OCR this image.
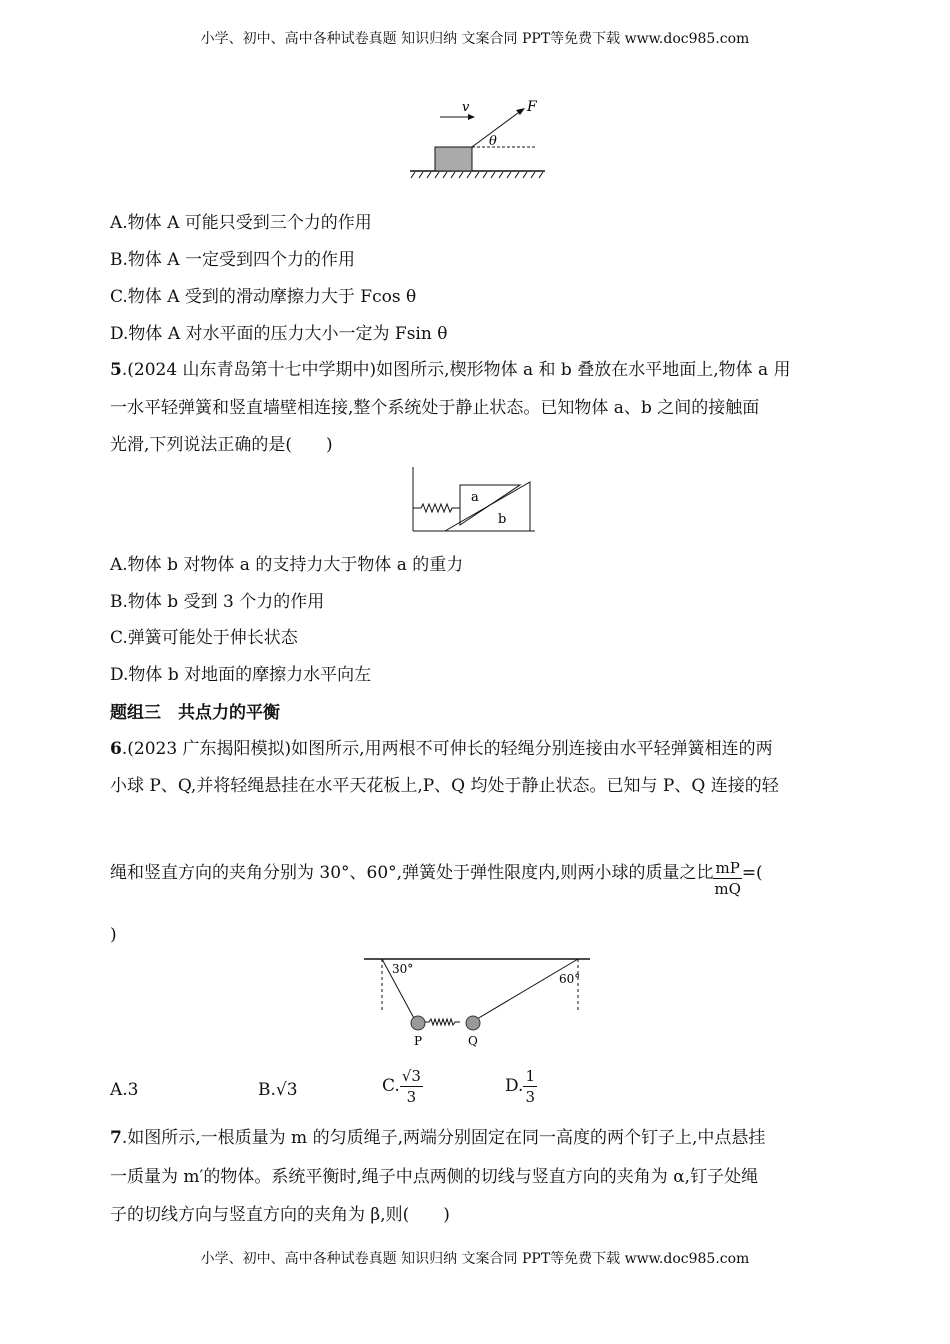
小学、初中、高中各种试卷真题 知识归纳 文案合同 PPT等免费下载 www.doc985.com
v	F
θ
A.物体 A 可能只受到三个力的作用
B.物体 A 一定受到四个力的作用
C.物体 A 受到的滑动摩擦力大于 Fcos θ
D.物体 A 对水平面的压力大小一定为 Fsin θ
5.(2024 山东青岛第十七中学期中)如图所示,楔形物体 a 和 b 叠放在水平地面上,物体 a 用
一水平轻弹簧和竖直墙壁相连接,整个系统处于静止状态。已知物体 a、b 之间的接触面
光滑,下列说法正确的是(　　)
a
b
A.物体 b 对物体 a 的支持力大于物体 a 的重力
B.物体 b 受到 3 个力的作用
C.弹簧可能处于伸长状态
D.物体 b 对地面的摩擦力水平向左
题组三　共点力的平衡
6.(2023 广东揭阳模拟)如图所示,用两根不可伸长的轻绳分别连接由水平轻弹簧相连的两
小球 P、Q,并将轻绳悬挂在水平天花板上,P、Q 均处于静止状态。已知与 P、Q 连接的轻
绳和竖直方向的夹角分别为 30°、60°,弹簧处于弹性限度内,则两小球的质量之比 $\frac{mP}{mQ}$ =(
)
30°
60°
P	Q
A.3	B.√3	C. $\frac{√3}{3}$	D. $\frac{1}{3}$
7.如图所示,一根质量为 m 的匀质绳子,两端分别固定在同一高度的两个钉子上,中点悬挂
一质量为 m′的物体。系统平衡时,绳子中点两侧的切线与竖直方向的夹角为 α,钉子处绳
子的切线方向与竖直方向的夹角为 β,则(　　)
小学、初中、高中各种试卷真题 知识归纳 文案合同 PPT等免费下载 www.doc985.com
